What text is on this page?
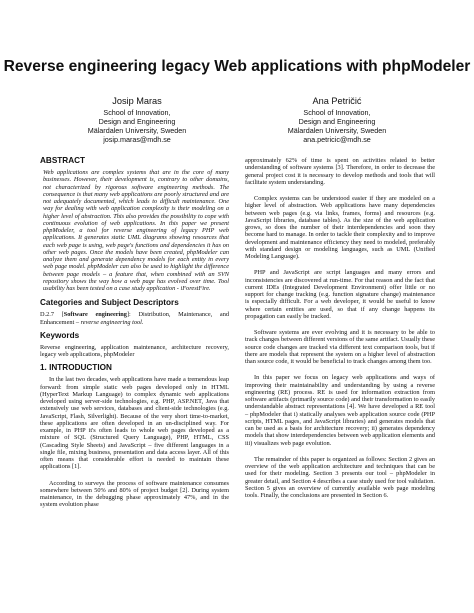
Reverse engineering legacy Web applications with phpModeler
Josip Maras
School of Innovation,
Design and Engineering
Mälardalen University, Sweden
josip.maras@mdh.se
Ana Petričić
School of Innovation,
Design and Engineering
Mälardalen University, Sweden
ana.petricic@mdh.se
ABSTRACT

Web applications are complex systems that are in the core of many businesses. However, their development is, contrary to other domains, not characterized by rigorous software engineering methods. The consequence is that many web applications are poorly structured and are not adequately documented, which leads to difficult maintenance. One way for dealing with web application complexity is their modeling on a higher level of abstraction. This also provides the possibility to cope with continuous evolution of web applications. In this paper we present phpModeler, a tool for reverse engineering of legacy PHP web applications. It generates static UML diagrams showing resources that each web page is using, web page's functions and dependencies it has on other web pages. Once the models have been created, phpModeler can analyze them and generate dependency models for each entity in every web page model. phpModeler can also be used to highlight the difference between page models – a feature that, when combined with an SVN repository shows the way how a web page has evolved over time. Tool usability has been tested on a case study application - iForestFire.

Categories and Subject Descriptors

D.2.7 [Software engineering]: Distribution, Maintenance, and Enhancement – reverse engineering tool.

Keywords

Reverse engineering, application maintenance, architecture recovery, legacy web applications, phpModeler

1. INTRODUCTION

In the last two decades, web applications have made a tremendous leap forward: from simple static web pages developed only in HTML (HyperText Markup Language) to complex dynamic web applications developed using server-side technologies, e.g. PHP, ASP.NET, Java that extensively use web services, databases and client-side technologies (e.g. JavaScript, Flash, Silverlight). Because of the very short time-to-market, these applications are often developed in an un-disciplined way. For example, in PHP it's often leads to whole web pages developed as a mixture of SQL (Structured Query Language), PHP, HTML, CSS (Cascading Style Sheets) and JavaScript – five different languages in a single file, mixing business, presentation and data access layer. All of this often means that considerable effort is needed to maintain these applications [1].

According to surveys the process of software maintenance consumes somewhere between 50% and 80% of project budget [2]. During system maintenance, in the debugging phase approximately 47%, and in the system evolution phase

approximately 62% of time is spent on activities related to better understanding of software systems [3]. Therefore, in order to decrease the general project cost it is necessary to develop methods and tools that will facilitate system understanding.

Complex systems can be understood easier if they are modeled on a higher level of abstraction. Web applications have many dependencies between web pages (e.g. via links, frames, forms) and resources (e.g. JavaScript libraries, database tables). As the size of the web application grows, so does the number of their interdependencies and soon they become hard to manage. In order to tackle their complexity and to improve development and maintenance efficiency they need to modeled, preferably with standard design or modeling languages, such as UML (Unified Modeling Language).

PHP and JavaScript are script languages and many errors and inconsistencies are discovered at run-time. For that reason and the fact that current IDEs (Integrated Development Environment) offer little or no support for change tracking (e.g. function signature change) maintenance is especially difficult. For a web developer, it would be useful to know where certain entities are used, so that if any change happens its propagation can easily be tracked.

Software systems are ever evolving and it is necessary to be able to track changes between different versions of the same artifact. Usually these source code changes are tracked via different text comparison tools, but if there are models that represent the system on a higher level of abstraction than source code, it would be beneficial to track changes among them too.

In this paper we focus on legacy web applications and ways of improving their maintainability and understanding by using a reverse engineering (RE) process. RE is used for information extraction from software artifacts (primarily source code) and their transformation to easily understandable abstract representations [4]. We have developed a RE tool – phpModeler that i) statically analyses web application source code (PHP scripts, HTML pages, and JavaScript libraries) and generates models that can be used as a basis for architecture recovery; ii) generates dependency models that show interdependencies between web application elements and iii) visualizes web page evolution.

The remainder of this paper is organized as follows: Section 2 gives an overview of the web application architecture and techniques that can be used for their modeling. Section 3 presents our tool – phpModeler in greater detail, and Section 4 describes a case study used for tool validation. Section 5 gives an overview of currently available web page modeling tools. Finally, the conclusions are presented in Section 6.
